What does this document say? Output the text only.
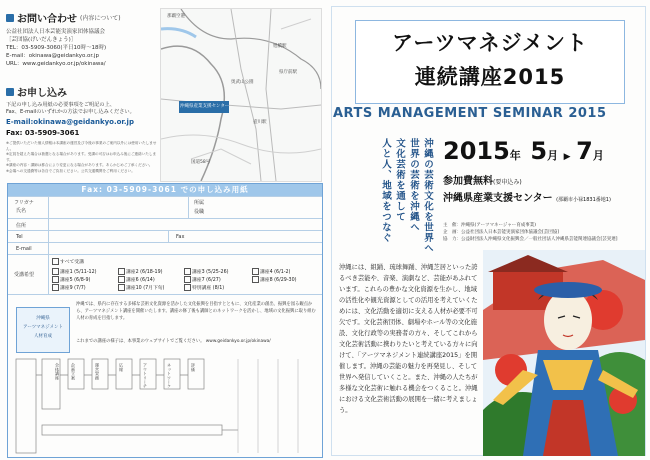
お問い合わせ (内容について)
公益社団法人日本芸能実演家団体協議会
［芸団協(げいだんきょう)］
TEL：03-5909-3060(平日10時〜18時)
E-mail：okinawa@geidankyo.or.jp
URL：www.geidankyo.or.jp/okinawa/
お申し込み
下記の申し込み用紙の必要事項をご明記の上、
Fax、E-mailのいずれかの方法でお申し込みください。
E-mail:okinawa@geidankyo.or.jp
Fax: 03-5909-3061
※ご提供いただいた個人情報は本講座の運営及び今後の事業のご案内以外には使用いたしません。
※定員を超えた場合は抽選となる場合があります。受講の可否はお申込み後にご連絡いたします。
※講座の内容・講師は都合により変更になる場合があります。あらかじめご了承ください。
※会場への交通費等は各自でご負担ください。公共交通機関をご利用ください。
沖縄県産業支援センター
那覇空港
奥武山公園
壺川駅
旭橋駅
県庁前駅
国道58号
Fax: 03-5909-3061 での申し込み用紙
フリガナ
氏名
所属
役職
住所
Tel	Fax
E-mail
受講希望
すべて受講
講座1 (5/11-12)	講座2 (6/18-19)	講座3 (5/25-26)	講座4 (6/1-2)
講座5 (6/8-9)	講座6 (6/14)	講座7 (6/27)	講座8 (6/29-30)
講座9 (7/7)	講座10 (7月下旬)	特別講座 (8/1)
沖縄県
アーツマネジメント
人材育成
沖縄では、県内に存在する多様な芸術文化資源を活かした文化振興を目指すとともに、文化産業の創出、振興を図る観点から、アーツマネジメント講座を開催いたします。講座の修了後も講師とのネットワークを活かし、地域の文化振興に取り組む人材の育成を目指します。
これまでの講座の様子は、本事業のウェブサイトでご覧ください。 www.geidankyo.or.jp/okinawa/
全体講座	企画立案	運営実務	広報	アウトリーチ	ネットワーク	評価
アーツマネジメント
連続講座2015
ARTS MANAGEMENT SEMINAR 2015
沖縄の芸術文化を世界へ
世界の芸術を沖縄へ
文化芸術を通して
人と人、地域をつなぐ 2015年 5月 ▶ 7月
参加費無料(要申込み)
沖縄県産業支援センター (那覇市小禄1831番地1)
主　催：沖縄県(アーツマネージャー育成事業)
企　画：公益社団法人日本芸能実演家団体協議会[芸団協]
協　力：公益財団法人沖縄県文化振興会／一般社団法人沖縄県芸能関連協議会[芸実連]
沖縄には、組踊、琉球舞踊、沖縄芝居といった誇るべき芸能や、音楽、演劇など、芸能があふれています。これらの豊かな文化資源を生かし、地域の活性化や観光資源としての活用を考えていくためには、文化活動を適切に支える人材が必要不可欠です。文化芸術団体、劇場やホール等の文化施設、文化行政等の実務者の方々、そしてこれから文化芸術活動に携わりたいと考えている方々に向けて、「アーツマネジメント連続講座2015」を開催します。沖縄の芸能の魅力を再発見し、そして世界へ発信していくこと。また、沖縄の人たちが多様な文化芸術に触れる機会をつくること。沖縄における文化芸術活動の展開を一緒に考えましょう。
